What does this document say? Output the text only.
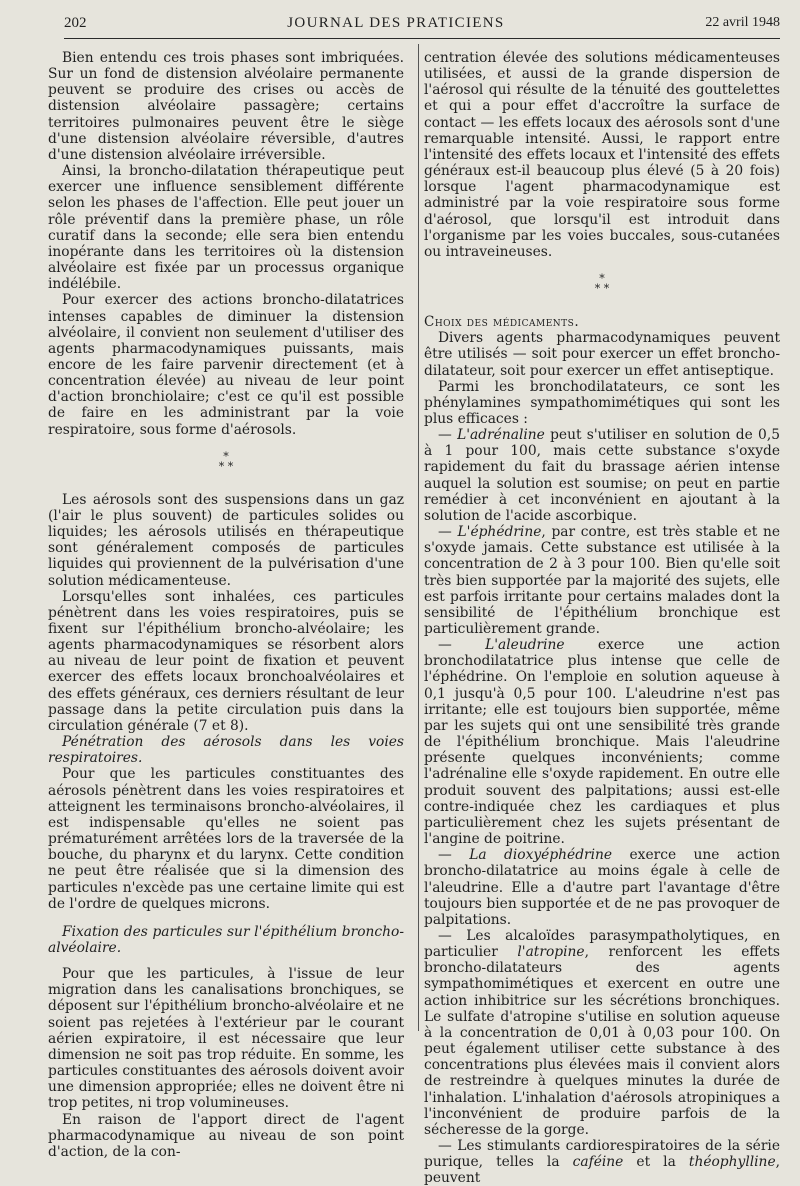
202	JOURNAL DES PRATICIENS	22 avril 1948

Bien entendu ces trois phases sont imbriquées. Sur un fond de distension alvéolaire permanente peuvent se produire des crises ou accès de distension alvéolaire passagère; certains territoires pulmonaires peuvent être le siège d'une distension alvéolaire réversible, d'autres d'une distension alvéolaire irréversible.

Ainsi, la broncho-dilatation thérapeutique peut exercer une influence sensiblement différente selon les phases de l'affection. Elle peut jouer un rôle préventif dans la première phase, un rôle curatif dans la seconde; elle sera bien entendu inopérante dans les territoires où la distension alvéolaire est fixée par un processus organique indélébile.

Pour exercer des actions broncho-dilatatrices intenses capables de diminuer la distension alvéolaire, il convient non seulement d'utiliser des agents pharmacodynamiques puissants, mais encore de les faire parvenir directement (et à concentration élevée) au niveau de leur point d'action bronchiolaire; c'est ce qu'il est possible de faire en les administrant par la voie respiratoire, sous forme d'aérosols.

*
* *

Les aérosols sont des suspensions dans un gaz (l'air le plus souvent) de particules solides ou liquides; les aérosols utilisés en thérapeutique sont généralement composés de particules liquides qui proviennent de la pulvérisation d'une solution médicamenteuse.

Lorsqu'elles sont inhalées, ces particules pénètrent dans les voies respiratoires, puis se fixent sur l'épithélium broncho-alvéolaire; les agents pharmacodynamiques se résorbent alors au niveau de leur point de fixation et peuvent exercer des effets locaux bronchoalvéolaires et des effets généraux, ces derniers résultant de leur passage dans la petite circulation puis dans la circulation générale (7 et 8).

Pénétration des aérosols dans les voies respiratoires.

Pour que les particules constituantes des aérosols pénètrent dans les voies respiratoires et atteignent les terminaisons broncho-alvéolaires, il est indispensable qu'elles ne soient pas prématurément arrêtées lors de la traversée de la bouche, du pharynx et du larynx. Cette condition ne peut être réalisée que si la dimension des particules n'excède pas une certaine limite qui est de l'ordre de quelques microns.

Fixation des particules sur l'épithélium broncho-alvéolaire.

Pour que les particules, à l'issue de leur migration dans les canalisations bronchiques, se déposent sur l'épithélium broncho-alvéolaire et ne soient pas rejetées à l'extérieur par le courant aérien expiratoire, il est nécessaire que leur dimension ne soit pas trop réduite. En somme, les particules constituantes des aérosols doivent avoir une dimension appropriée; elles ne doivent être ni trop petites, ni trop volumineuses.

En raison de l'apport direct de l'agent pharmacodynamique au niveau de son point d'action, de la con-

centration élevée des solutions médicamenteuses utilisées, et aussi de la grande dispersion de l'aérosol qui résulte de la ténuité des gouttelettes et qui a pour effet d'accroître la surface de contact — les effets locaux des aérosols sont d'une remarquable intensité. Aussi, le rapport entre l'intensité des effets locaux et l'intensité des effets généraux est-il beaucoup plus élevé (5 à 20 fois) lorsque l'agent pharmacodynamique est administré par la voie respiratoire sous forme d'aérosol, que lorsqu'il est introduit dans l'organisme par les voies buccales, sous-cutanées ou intraveineuses.

*
* *

Choix des médicaments.

Divers agents pharmacodynamiques peuvent être utilisés — soit pour exercer un effet broncho-dilatateur, soit pour exercer un effet antiseptique.

Parmi les bronchodilatateurs, ce sont les phénylamines sympathomimétiques qui sont les plus efficaces :

— L'adrénaline peut s'utiliser en solution de 0,5 à 1 pour 100, mais cette substance s'oxyde rapidement du fait du brassage aérien intense auquel la solution est soumise; on peut en partie remédier à cet inconvénient en ajoutant à la solution de l'acide ascorbique.

— L'éphédrine, par contre, est très stable et ne s'oxyde jamais. Cette substance est utilisée à la concentration de 2 à 3 pour 100. Bien qu'elle soit très bien supportée par la majorité des sujets, elle est parfois irritante pour certains malades dont la sensibilité de l'épithélium bronchique est particulièrement grande.

— L'aleudrine exerce une action bronchodilatatrice plus intense que celle de l'éphédrine. On l'emploie en solution aqueuse à 0,1 jusqu'à 0,5 pour 100. L'aleudrine n'est pas irritante; elle est toujours bien supportée, même par les sujets qui ont une sensibilité très grande de l'épithélium bronchique. Mais l'aleudrine présente quelques inconvénients; comme l'adrénaline elle s'oxyde rapidement. En outre elle produit souvent des palpitations; aussi est-elle contre-indiquée chez les cardiaques et plus particulièrement chez les sujets présentant de l'angine de poitrine.

— La dioxyéphédrine exerce une action broncho-dilatatrice au moins égale à celle de l'aleudrine. Elle a d'autre part l'avantage d'être toujours bien supportée et de ne pas provoquer de palpitations.

— Les alcaloïdes parasympatholytiques, en particulier l'atropine, renforcent les effets broncho-dilatateurs des agents sympathomimétiques et exercent en outre une action inhibitrice sur les sécrétions bronchiques. Le sulfate d'atropine s'utilise en solution aqueuse à la concentration de 0,01 à 0,03 pour 100. On peut également utiliser cette substance à des concentrations plus élevées mais il convient alors de restreindre à quelques minutes la durée de l'inhalation. L'inhalation d'aérosols atropiniques a l'inconvénient de produire parfois de la sécheresse de la gorge.

— Les stimulants cardiorespiratoires de la série purique, telles la caféine et la théophylline, peuvent
